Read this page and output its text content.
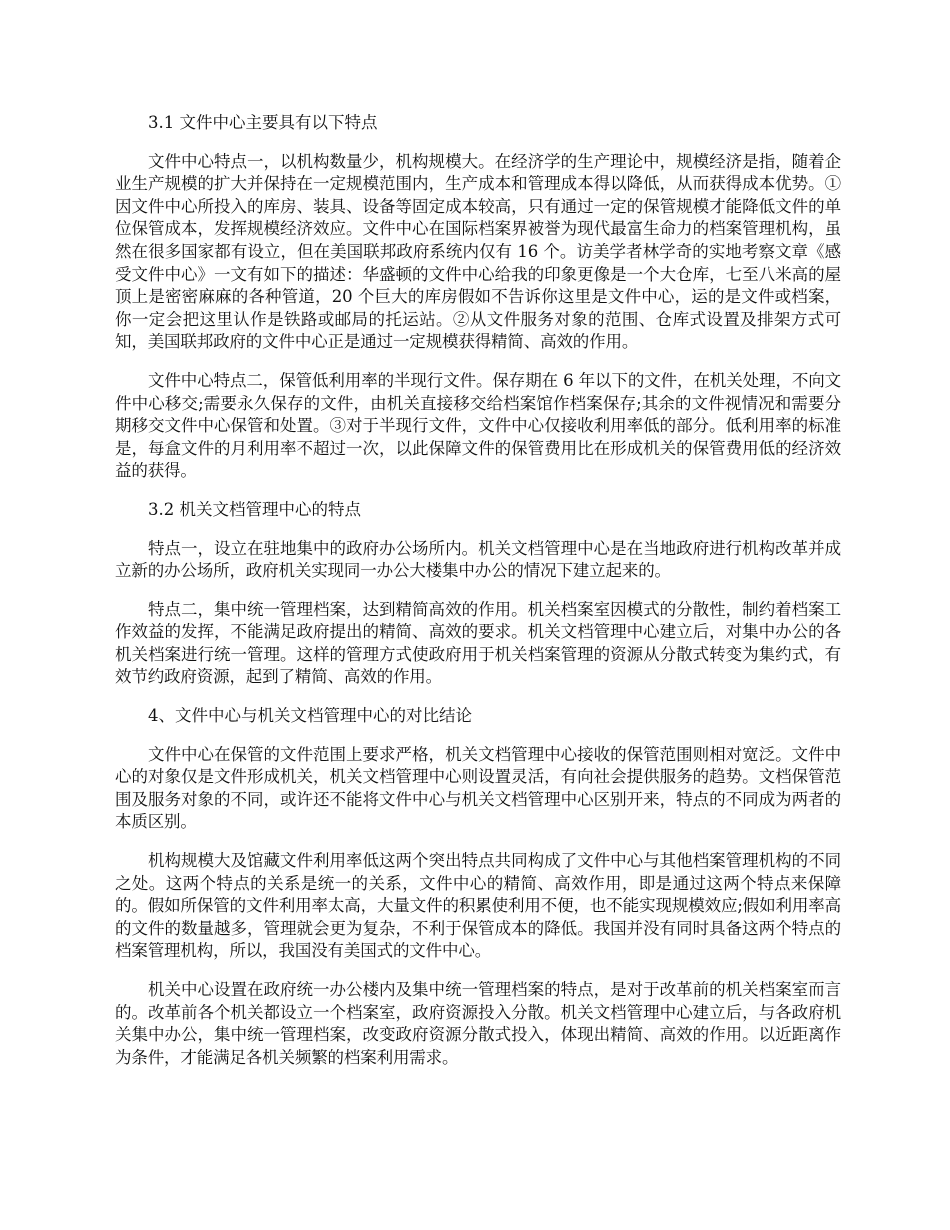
3.1 文件中心主要具有以下特点

文件中心特点一，以机构数量少，机构规模大。在经济学的生产理论中，规模经济是指，随着企业生产规模的扩大并保持在一定规模范围内，生产成本和管理成本得以降低，从而获得成本优势。①因文件中心所投入的库房、装具、设备等固定成本较高，只有通过一定的保管规模才能降低文件的单位保管成本，发挥规模经济效应。文件中心在国际档案界被誉为现代最富生命力的档案管理机构，虽然在很多国家都有设立，但在美国联邦政府系统内仅有 16 个。访美学者林学奇的实地考察文章《感受文件中心》一文有如下的描述：华盛顿的文件中心给我的印象更像是一个大仓库，七至八米高的屋顶上是密密麻麻的各种管道，20 个巨大的库房假如不告诉你这里是文件中心，运的是文件或档案，你一定会把这里认作是铁路或邮局的托运站。②从文件服务对象的范围、仓库式设置及排架方式可知，美国联邦政府的文件中心正是通过一定规模获得精简、高效的作用。

文件中心特点二，保管低利用率的半现行文件。保存期在 6 年以下的文件，在机关处理，不向文件中心移交;需要永久保存的文件，由机关直接移交给档案馆作档案保存;其余的文件视情况和需要分期移交文件中心保管和处置。③对于半现行文件，文件中心仅接收利用率低的部分。低利用率的标准是，每盒文件的月利用率不超过一次，以此保障文件的保管费用比在形成机关的保管费用低的经济效益的获得。

3.2 机关文档管理中心的特点

特点一，设立在驻地集中的政府办公场所内。机关文档管理中心是在当地政府进行机构改革并成立新的办公场所，政府机关实现同一办公大楼集中办公的情况下建立起来的。

特点二，集中统一管理档案，达到精简高效的作用。机关档案室因模式的分散性，制约着档案工作效益的发挥，不能满足政府提出的精简、高效的要求。机关文档管理中心建立后，对集中办公的各机关档案进行统一管理。这样的管理方式使政府用于机关档案管理的资源从分散式转变为集约式，有效节约政府资源，起到了精简、高效的作用。

4、文件中心与机关文档管理中心的对比结论

文件中心在保管的文件范围上要求严格，机关文档管理中心接收的保管范围则相对宽泛。文件中心的对象仅是文件形成机关，机关文档管理中心则设置灵活，有向社会提供服务的趋势。文档保管范围及服务对象的不同，或许还不能将文件中心与机关文档管理中心区别开来，特点的不同成为两者的本质区别。

机构规模大及馆藏文件利用率低这两个突出特点共同构成了文件中心与其他档案管理机构的不同之处。这两个特点的关系是统一的关系，文件中心的精简、高效作用，即是通过这两个特点来保障的。假如所保管的文件利用率太高，大量文件的积累使利用不便，也不能实现规模效应;假如利用率高的文件的数量越多，管理就会更为复杂，不利于保管成本的降低。我国并没有同时具备这两个特点的档案管理机构，所以，我国没有美国式的文件中心。

机关中心设置在政府统一办公楼内及集中统一管理档案的特点，是对于改革前的机关档案室而言的。改革前各个机关都设立一个档案室，政府资源投入分散。机关文档管理中心建立后，与各政府机关集中办公，集中统一管理档案，改变政府资源分散式投入，体现出精简、高效的作用。以近距离作为条件，才能满足各机关频繁的档案利用需求。
